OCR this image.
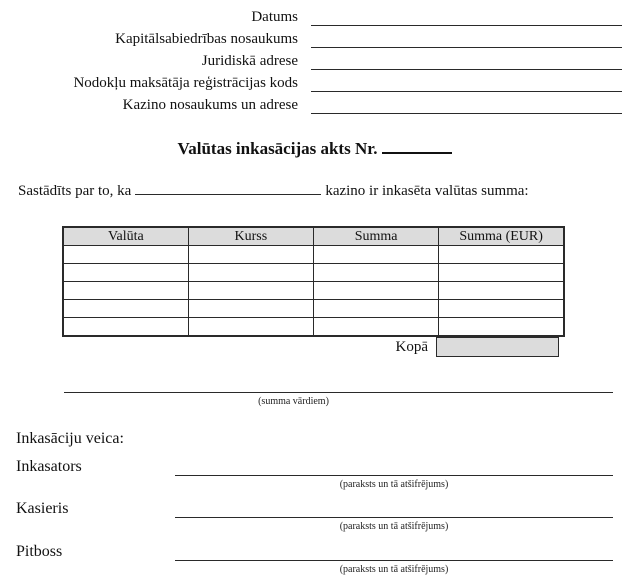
Datums
Kapitālsabiedrības nosaukums
Juridiskā adrese
Nodokļu maksātāja reģistrācijas kods
Kazino nosaukums un adrese
Valūtas inkasācijas akts Nr.
Sastādīts par to, ka	kazino ir inkasēta valūtas summa:
Valūta	Kurss	Summa	Summa (EUR)

Kopā
(summa vārdiem)
Inkasāciju veica:
Inkasators
(paraksts un tā atšifrējums)
Kasieris
(paraksts un tā atšifrējums)
Pitboss
(paraksts un tā atšifrējums)
